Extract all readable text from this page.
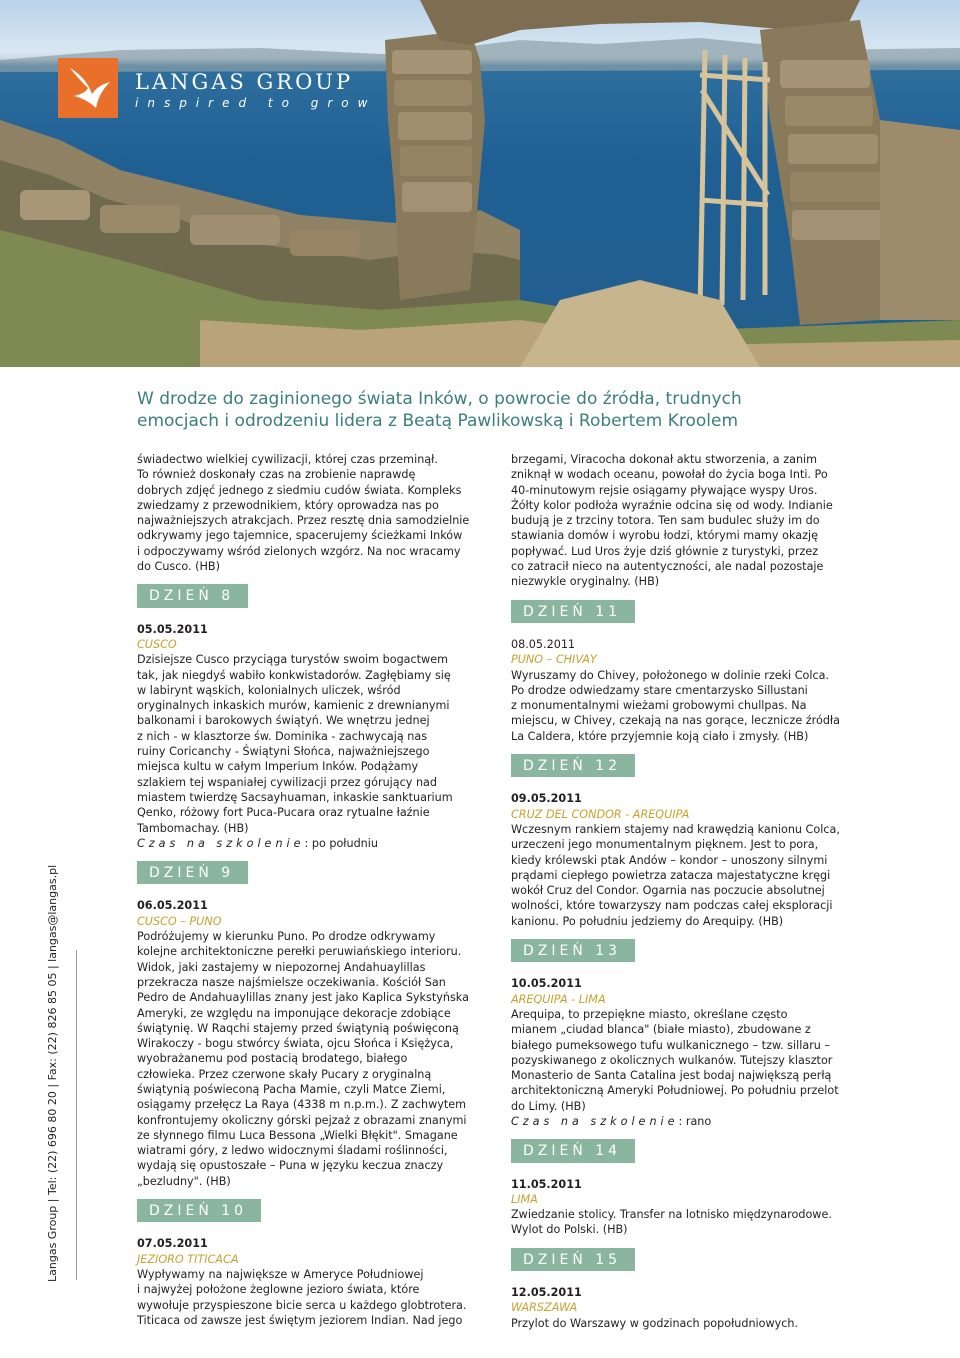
LANGAS GROUP
inspired to grow
W drodze do zaginionego świata Inków, o powrocie do źródła, trudnych
emocjach i odrodzeniu lidera z Beatą Pawlikowską i Robertem Kroolem
Langas Group | Tel: (22) 696 80 20 | Fax: (22) 826 85 05 | langas@langas.pl

świadectwo wielkiej cywilizacji, której czas przeminął.

To również doskonały czas na zrobienie naprawdę

dobrych zdjęć jednego z siedmiu cudów świata. Kompleks

zwiedzamy z przewodnikiem, który oprowadza nas po

najważniejszych atrakcjach. Przez resztę dnia samodzielnie

odkrywamy jego tajemnice, spacerujemy ścieżkami Inków

i odpoczywamy wśród zielonych wzgórz. Na noc wracamy

do Cusco. (HB)

DZIEŃ 8

05.05.2011

CUSCO

Dzisiejsze Cusco przyciąga turystów swoim bogactwem

tak, jak niegdyś wabiło konkwistadorów. Zagłębiamy się

w labirynt wąskich, kolonialnych uliczek, wśród

oryginalnych inkaskich murów, kamienic z drewnianymi

balkonami i barokowych świątyń. We wnętrzu jednej

z nich - w klasztorze św. Dominika - zachwycają nas

ruiny Coricanchy - Świątyni Słońca, najważniejszego

miejsca kultu w całym Imperium Inków. Podążamy

szlakiem tej wspaniałej cywilizacji przez górujący nad

miastem twierdzę Sacsayhuaman, inkaskie sanktuarium

Qenko, różowy fort Puca-Pucara oraz rytualne łaźnie

Tambomachay. (HB)

Czas na szkolenie: po południu

DZIEŃ 9

06.05.2011

CUSCO – PUNO

Podróżujemy w kierunku Puno. Po drodze odkrywamy

kolejne architektoniczne perełki peruwiańskiego interioru.

Widok, jaki zastajemy w niepozornej Andahuaylillas

przekracza nasze najśmielsze oczekiwania. Kościół San

Pedro de Andahuaylillas znany jest jako Kaplica Sykstyńska

Ameryki, ze względu na imponujące dekoracje zdobiące

świątynię. W Raqchi stajemy przed świątynią poświęconą

Wirakoczy - bogu stwórcy świata, ojcu Słońca i Księżyca,

wyobrażanemu pod postacią brodatego, białego

człowieka. Przez czerwone skały Pucary z oryginalną

świątynią poświeconą Pacha Mamie, czyli Matce Ziemi,

osiągamy przełęcz La Raya (4338 m n.p.m.). Z zachwytem

konfrontujemy okoliczny górski pejzaż z obrazami znanymi

ze słynnego filmu Luca Bessona „Wielki Błękit". Smagane

wiatrami góry, z ledwo widocznymi śladami roślinności,

wydają się opustoszałe – Puna w języku keczua znaczy

„bezludny". (HB)

DZIEŃ 10

07.05.2011

JEZIORO TITICACA

Wypływamy na największe w Ameryce Południowej

i najwyżej położone żeglowne jezioro świata, które

wywołuje przyspieszone bicie serca u każdego globtrotera.

Titicaca od zawsze jest świętym jeziorem Indian. Nad jego

brzegami, Viracocha dokonał aktu stworzenia, a zanim

zniknął w wodach oceanu, powołał do życia boga Inti. Po

40-minutowym rejsie osiągamy pływające wyspy Uros.

Żółty kolor podłoża wyraźnie odcina się od wody. Indianie

budują je z trzciny totora. Ten sam budulec służy im do

stawiania domów i wyrobu łodzi, którymi mamy okazję

popływać. Lud Uros żyje dziś głównie z turystyki, przez

co zatracił nieco na autentyczności, ale nadal pozostaje

niezwykle oryginalny. (HB)

DZIEŃ 11

08.05.2011

PUNO – CHIVAY

Wyruszamy do Chivey, położonego w dolinie rzeki Colca.

Po drodze odwiedzamy stare cmentarzysko Sillustani

z monumentalnymi wieżami grobowymi chullpas. Na

miejscu, w Chivey, czekają na nas gorące, lecznicze źródła

La Caldera, które przyjemnie koją ciało i zmysły. (HB)

DZIEŃ 12

09.05.2011

CRUZ DEL CONDOR - AREQUIPA

Wczesnym rankiem stajemy nad krawędzią kanionu Colca,

urzeczeni jego monumentalnym pięknem. Jest to pora,

kiedy królewski ptak Andów – kondor – unoszony silnymi

prądami ciepłego powietrza zatacza majestatyczne kręgi

wokół Cruz del Condor. Ogarnia nas poczucie absolutnej

wolności, które towarzyszy nam podczas całej eksploracji

kanionu. Po południu jedziemy do Arequipy. (HB)

DZIEŃ 13

10.05.2011

AREQUIPA - LIMA

Arequipa, to przepiękne miasto, określane często

mianem „ciudad blanca" (białe miasto), zbudowane z

białego pumeksowego tufu wulkanicznego – tzw. sillaru –

pozyskiwanego z okolicznych wulkanów. Tutejszy klasztor

Monasterio de Santa Catalina jest bodaj największą perłą

architektoniczną Ameryki Południowej. Po południu przelot

do Limy. (HB)

Czas na szkolenie: rano

DZIEŃ 14

11.05.2011

LIMA

Zwiedzanie stolicy. Transfer na lotnisko międzynarodowe.

Wylot do Polski. (HB)

DZIEŃ 15

12.05.2011

WARSZAWA

Przylot do Warszawy w godzinach popołudniowych.
